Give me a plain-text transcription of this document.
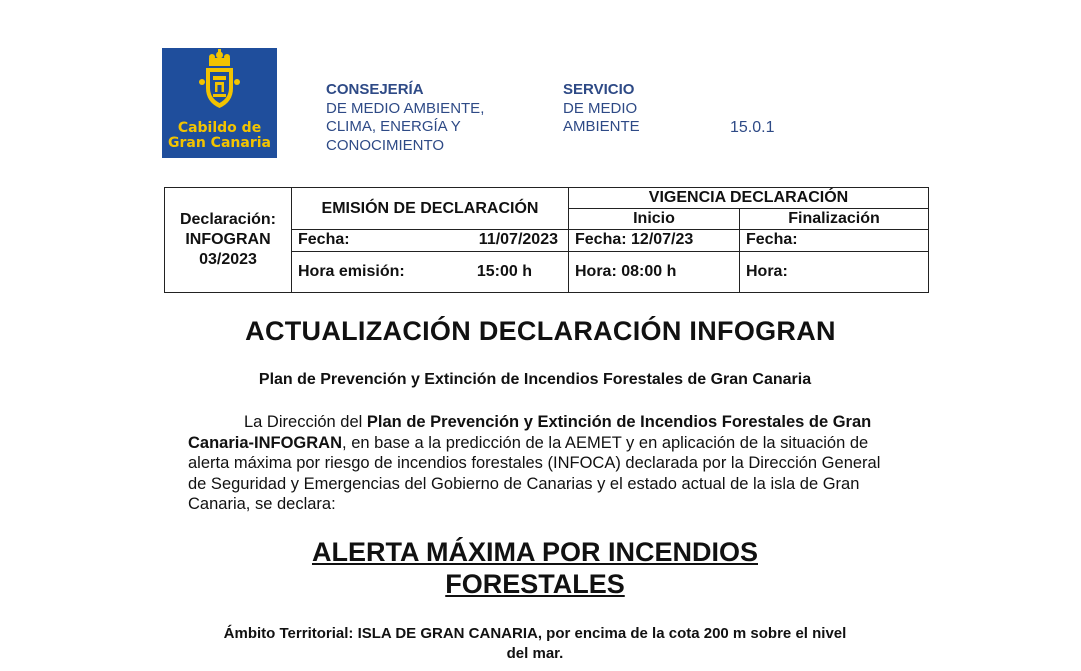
Cabildo de
Gran Canaria
CONSEJERÍA
DE MEDIO AMBIENTE,
CLIMA, ENERGÍA Y
CONOCIMIENTO
SERVICIO
DE MEDIO
AMBIENTE	15.0.1
Declaración:
INFOGRAN
03/2023	EMISIÓN DE DECLARACIÓN	VIGENCIA DECLARACIÓN	
		Inicio	Finalización

	Fecha: 11/07/2023	Fecha: 12/07/23	Fecha:

	Hora emisión: 15:00 h	Hora: 08:00 h	Hora:
ACTUALIZACIÓN DECLARACIÓN INFOGRAN
Plan de Prevención y Extinción de Incendios Forestales de Gran Canaria
La Dirección del Plan de Prevención y Extinción de Incendios Forestales de Gran Canaria-INFOGRAN, en base a la predicción de la AEMET y en aplicación de la situación de alerta máxima por riesgo de incendios forestales (INFOCA) declarada por la Dirección General de Seguridad y Emergencias del Gobierno de Canarias y el estado actual de la isla de Gran Canaria, se declara:
ALERTA MÁXIMA POR INCENDIOS
FORESTALES
Ámbito Territorial: ISLA DE GRAN CANARIA, por encima de la cota 200 m sobre el nivel
del mar.
